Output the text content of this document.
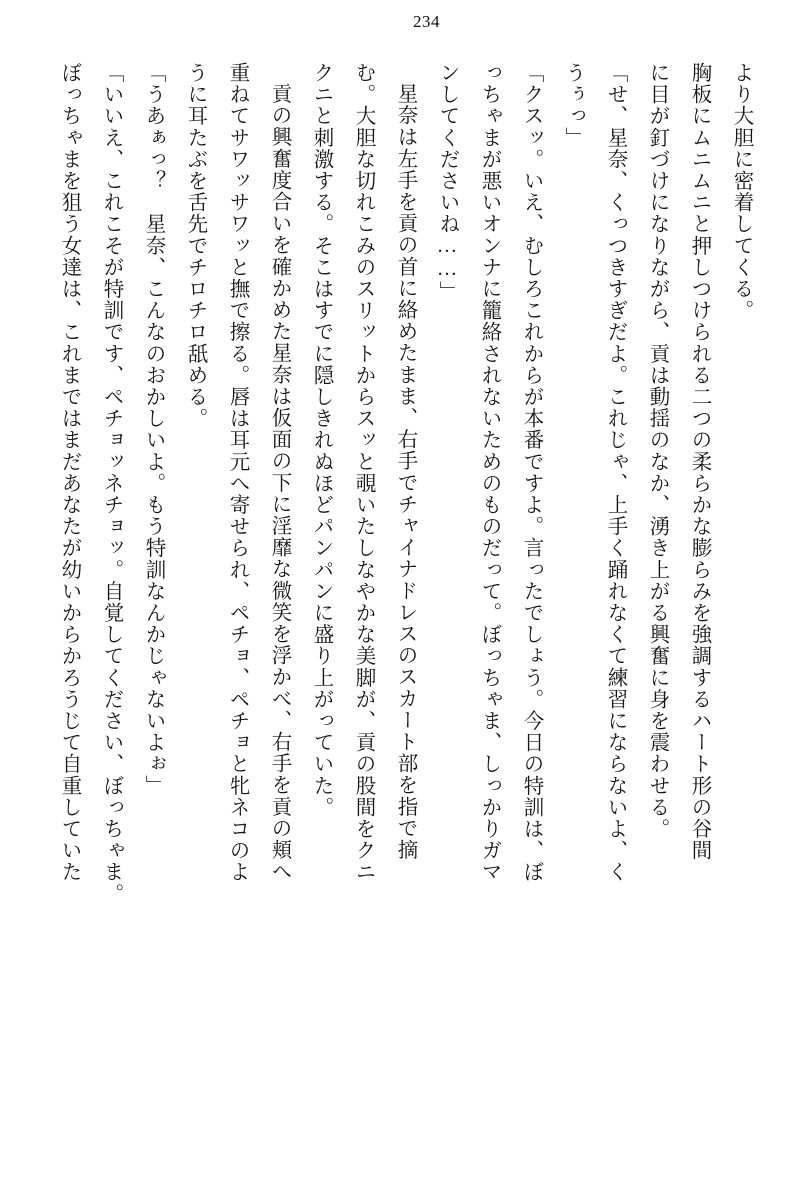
234

より大胆に密着してくる。

胸板にムニムニと押しつけられる二つの柔らかな膨らみを強調するハート形の谷間

に目が釘づけになりながら、貢は動揺のなか、湧き上がる興奮に身を震わせる。

「せ、星奈、くっつきすぎだよ。これじゃ、上手く踊れなくて練習にならないよ、く

うぅっ」

「クスッ。いえ、むしろこれからが本番ですよ。言ったでしょう。今日の特訓は、ぼ

っちゃまが悪いオンナに籠絡されないためのものだって。ぼっちゃま、しっかりガマ

ンしてくださいね……」

星奈は左手を貢の首に絡めたまま、右手でチャイナドレスのスカート部を指で摘

む。大胆な切れこみのスリットからスッと覗いたしなやかな美脚が、貢の股間をクニ

クニと刺激する。そこはすでに隠しきれぬほどパンパンに盛り上がっていた。

貢の興奮度合いを確かめた星奈は仮面の下に淫靡な微笑を浮かべ、右手を貢の頬へ

重ねてサワッサワッと撫で擦る。唇は耳元へ寄せられ、ペチョ、ペチョと牝ネコのよ

うに耳たぶを舌先でチロチロ舐める。

「うあぁっ？　星奈、こんなのおかしいよ。もう特訓なんかじゃないよぉ」

「いいえ、これこそが特訓です、ペチョッネチョッ。自覚してください、ぼっちゃま。

ぼっちゃまを狙う女達は、これまではまだあなたが幼いからかろうじて自重していた
